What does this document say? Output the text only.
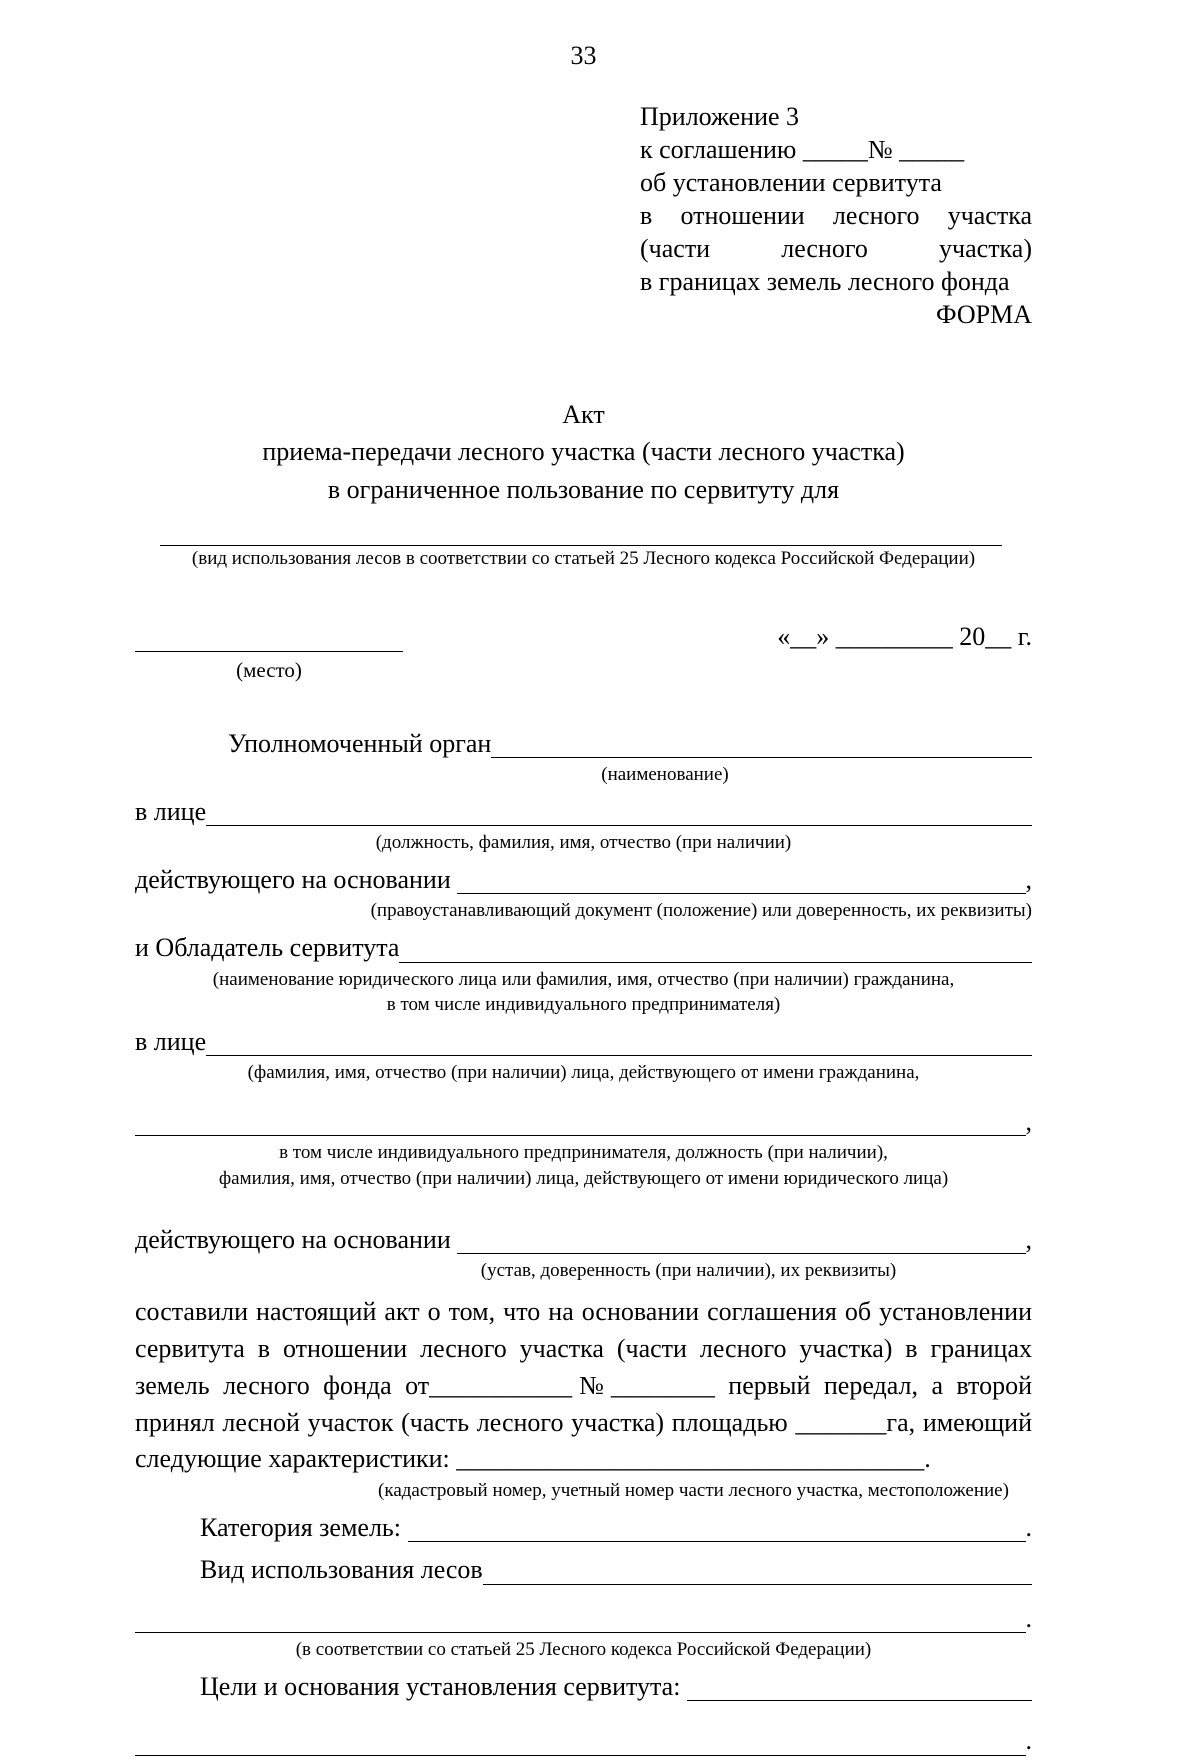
33
Приложение 3
к соглашению _____№ _____
об установлении сервитута
в отношении лесного участка
(части лесного участка)
в границах земель лесного фонда
ФОРМА
Акт
приема-передачи лесного участка (части лесного участка)
в ограниченное пользование по сервитуту для
(вид использования лесов в соответствии со статьей 25 Лесного кодекса Российской Федерации)
«__» _________ 20__ г.
(место)
Уполномоченный орган
(наименование)
в лице
(должность, фамилия, имя, отчество (при наличии)
действующего на основании	,
(правоустанавливающий документ (положение) или доверенность, их реквизиты)
и Обладатель сервитута
(наименование юридического лица или фамилия, имя, отчество (при наличии) гражданина,
в том числе индивидуального предпринимателя)
в лице
(фамилия, имя, отчество (при наличии) лица, действующего от имени гражданина,
,
в том числе индивидуального предпринимателя, должность (при наличии),
фамилия, имя, отчество (при наличии) лица, действующего от имени юридического лица)
действующего на основании	,
(устав, доверенность (при наличии), их реквизиты)
составили настоящий акт о том, что на основании соглашения об установлении сервитута в отношении лесного участка (части лесного участка) в границах земель лесного фонда от___________№________ первый передал, а второй принял лесной участок (часть лесного участка) площадью _______га, имеющий следующие характеристики: ____________________________________.
(кадастровый номер, учетный номер части лесного участка, местоположение)
Категория земель:	.
Вид использования лесов
.
(в соответствии со статьей 25 Лесного кодекса Российской Федерации)
Цели и основания установления сервитута:
.
